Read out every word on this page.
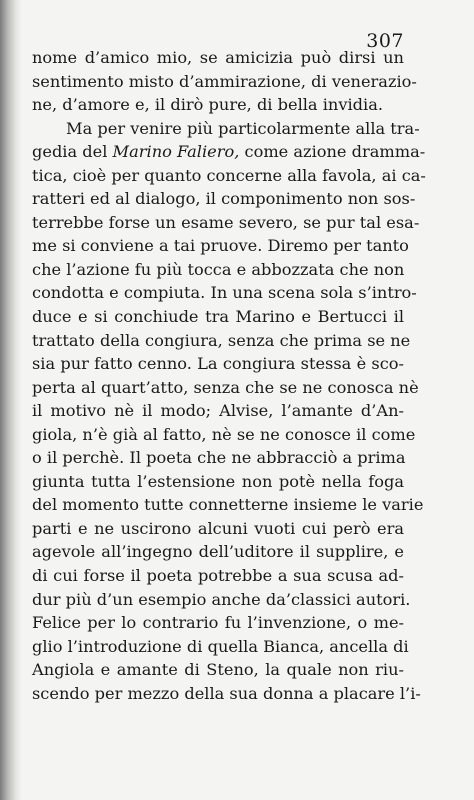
307
nome d’amico mio, se amicizia può dirsi un
sentimento misto d’ammirazione, di venerazio-
ne, d’amore e, il dirò pure, di bella invidia.
Ma per venire più particolarmente alla tra-
gedia del Marino Faliero, come azione dramma-
tica, cioè per quanto concerne alla favola, ai ca-
ratteri ed al dialogo, il componimento non sos-
terrebbe forse un esame severo, se pur tal esa-
me si conviene a tai pruove. Diremo per tanto
che l’azione fu più tocca e abbozzata che non
condotta e compiuta. In una scena sola s’intro-
duce e si conchiude tra Marino e Bertucci il
trattato della congiura, senza che prima se ne
sia pur fatto cenno. La congiura stessa è sco-
perta al quart’atto, senza che se ne conosca nè
il motivo nè il modo; Alvise, l’amante d’An-
giola, n’è già al fatto, nè se ne conosce il come
o il perchè. Il poeta che ne abbracciò a prima
giunta tutta l’estensione non potè nella foga
del momento tutte connetterne insieme le varie
parti e ne uscirono alcuni vuoti cui però era
agevole all’ingegno dell’uditore il supplire, e
di cui forse il poeta potrebbe a sua scusa ad-
dur più d’un esempio anche da’classici autori.
Felice per lo contrario fu l’invenzione, o me-
glio l’introduzione di quella Bianca, ancella di
Angiola e amante di Steno, la quale non riu-
scendo per mezzo della sua donna a placare l’i-
